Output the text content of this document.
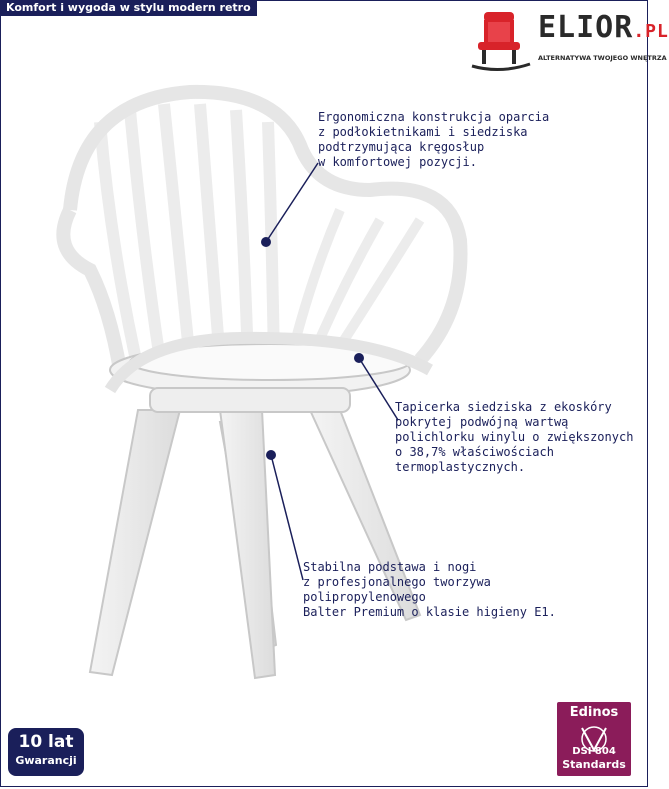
Komfort i wygoda w stylu modern retro
ELIOR.PL
ALTERNATYWA TWOJEGO WNĘTRZA
Ergonomiczna konstrukcja oparcia
z podłokietnikami i siedziska
podtrzymująca kręgosłup
w komfortowej pozycji.
Tapicerka siedziska z ekoskóry
pokrytej podwójną wartwą
polichlorku winylu o zwiększonych
o 38,7% właściwościach
termoplastycznych.
Stabilna podstawa i nogi
z profesjonalnego tworzywa
polipropylenowego
Balter Premium o klasie higieny E1.
10 lat
Gwarancji
Edinos
DSI 804
Standards
